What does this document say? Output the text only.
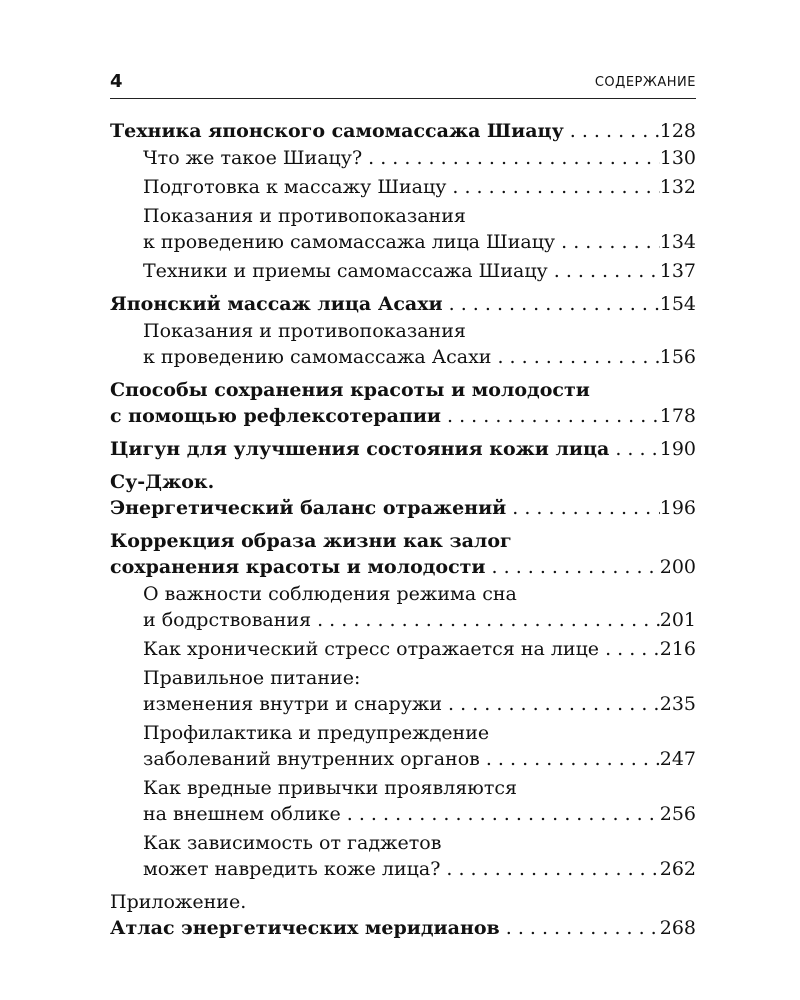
4	СОДЕРЖАНИЕ
Техника японского самомассажа Шиацу . . .	128
Что же такое Шиацу? . . .	130
Подготовка к массажу Шиацу . . .	132
Показания и противопоказания
к проведению самомассажа лица Шиацу . . .	134
Техники и приемы самомассажа Шиацу . . .	137
Японский массаж лица Асахи . . .	154
Показания и противопоказания
к проведению самомассажа Асахи . . .	156
Способы сохранения красоты и молодости
с помощью рефлексотерапии . . .	178
Цигун для улучшения состояния кожи лица . . .	190
Су-Джок.
Энергетический баланс отражений . . .	196
Коррекция образа жизни как залог
сохранения красоты и молодости . . .	200
О важности соблюдения режима сна
и бодрствования . . .	201
Как хронический стресс отражается на лице . . .	216
Правильное питание:
изменения внутри и снаружи . . .	235
Профилактика и предупреждение
заболеваний внутренних органов . . .	247
Как вредные привычки проявляются
на внешнем облике . . .	256
Как зависимость от гаджетов
может навредить коже лица? . . .	262
Приложение.
Атлас энергетических меридианов . . .	268
